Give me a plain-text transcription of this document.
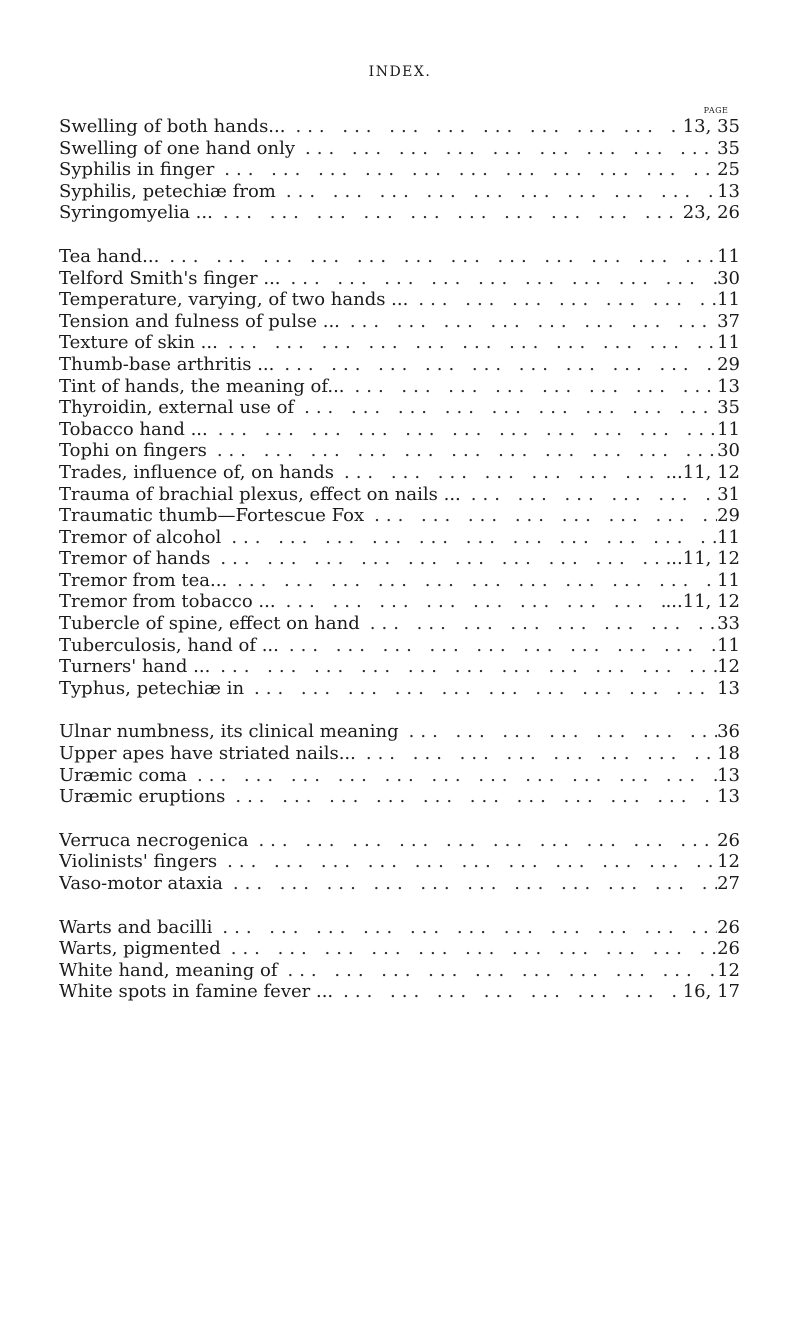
INDEX.
PAGE
Swelling of both hands... ... .	13, 35
Swelling of one hand only ... .	35
Syphilis in finger ... .	25
Syphilis, petechiæ from ... .	13
Syringomyelia ... ... .	23, 26
Tea hand... ... .	11
Telford Smith's finger ... ... .	30
Temperature, varying, of two hands ... ... .	11
Tension and fulness of pulse ... ... .	37
Texture of skin ... ... .	11
Thumb-base arthritis ... ... .	29
Tint of hands, the meaning of... ... .	13
Thyroidin, external use of ... .	35
Tobacco hand ... ... .	11
Tophi on fingers ... .	30
Trades, influence of, on hands ... .	...11, 12
Trauma of brachial plexus, effect on nails ... ... .	31
Traumatic thumb—Fortescue Fox ... .	29
Tremor of alcohol ... .	11
Tremor of hands ... .	...11, 12
Tremor from tea... ... .	11
Tremor from tobacco ... ... .	...11, 12
Tubercle of spine, effect on hand ... .	33
Tuberculosis, hand of ... ... .	11
Turners' hand ... ... .	12
Typhus, petechiæ in ... .	13
Ulnar numbness, its clinical meaning ... .	36
Upper apes have striated nails... ... .	18
Uræmic coma ... .	13
Uræmic eruptions ... .	13
Verruca necrogenica ... .	26
Violinists' fingers ... .	12
Vaso-motor ataxia ... .	27
Warts and bacilli ... .	26
Warts, pigmented ... .	26
White hand, meaning of ... .	12
White spots in famine fever ... ... .	16, 17
